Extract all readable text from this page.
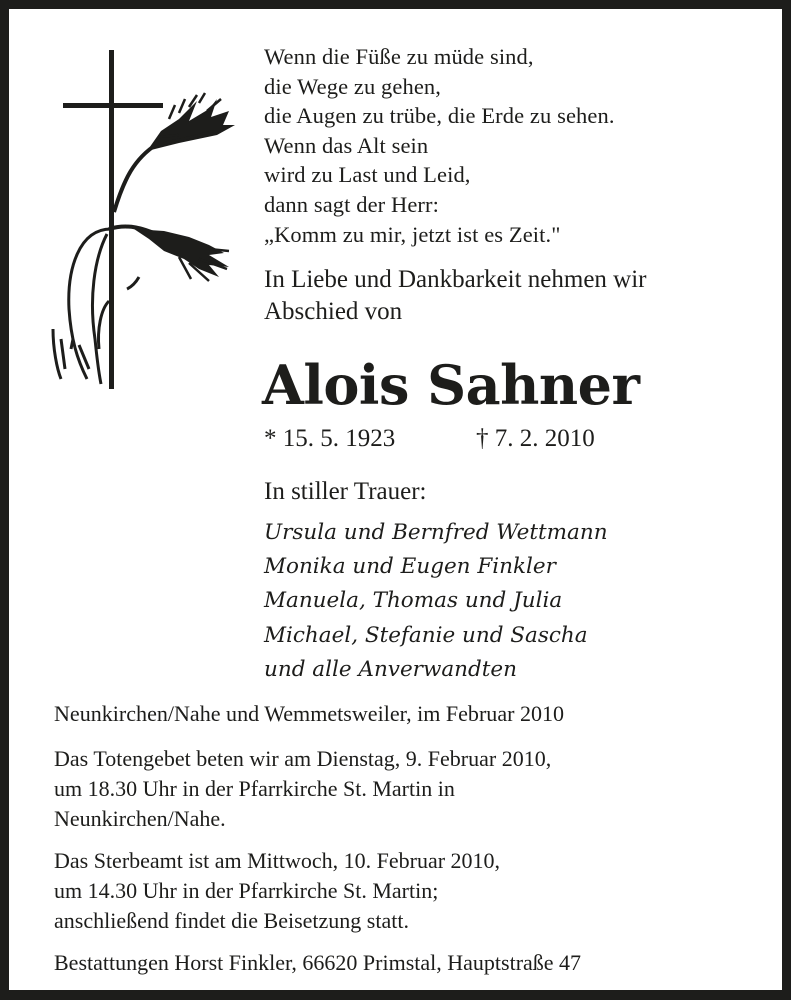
Wenn die Füße zu müde sind,
die Wege zu gehen,
die Augen zu trübe, die Erde zu sehen.
Wenn das Alt sein
wird zu Last und Leid,
dann sagt der Herr:
„Komm zu mir, jetzt ist es Zeit."
In Liebe und Dankbarkeit nehmen wir
Abschied von
Alois Sahner
* 15. 5. 1923	† 7. 2. 2010
In stiller Trauer:
Ursula und Bernfred Wettmann
Monika und Eugen Finkler
Manuela, Thomas und Julia
Michael, Stefanie und Sascha
und alle Anverwandten
Neunkirchen/Nahe und Wemmetsweiler, im Februar 2010
Das Totengebet beten wir am Dienstag, 9. Februar 2010,
um 18.30 Uhr in der Pfarrkirche St. Martin in
Neunkirchen/Nahe.
Das Sterbeamt ist am Mittwoch, 10. Februar 2010,
um 14.30 Uhr in der Pfarrkirche St. Martin;
anschließend findet die Beisetzung statt.
Bestattungen Horst Finkler, 66620 Primstal, Hauptstraße 47
